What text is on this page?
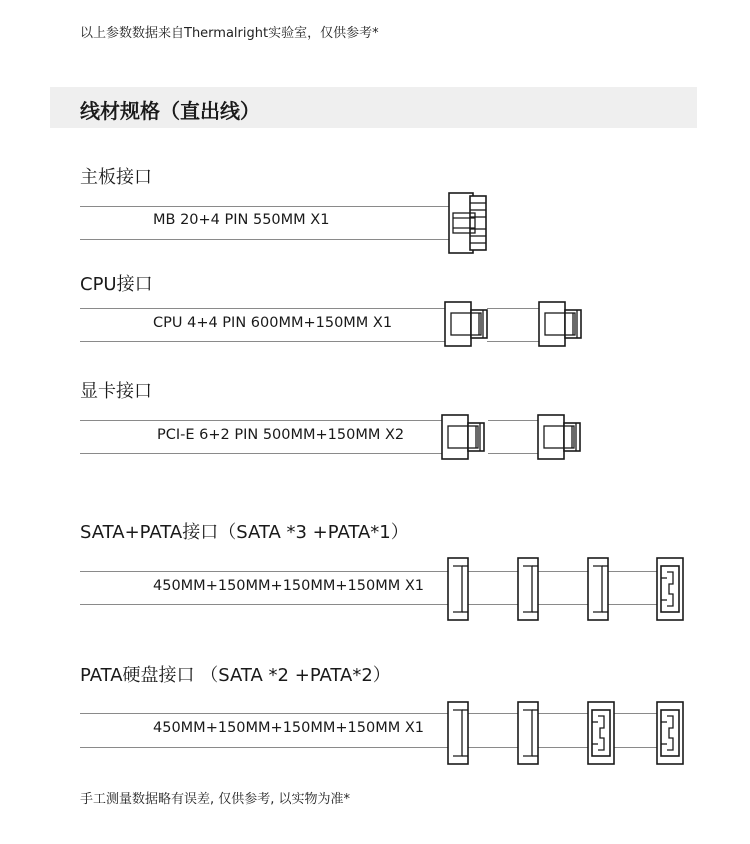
以上参数数据来自Thermalright实验室，仅供参考*
线材规格（直出线）
主板接口
MB 20+4 PIN 550MM X1
CPU接口
CPU 4+4 PIN 600MM+150MM X1
显卡接口
PCI-E 6+2 PIN 500MM+150MM X2
SATA+PATA接口（SATA *3 +PATA*1）
450MM+150MM+150MM+150MM X1
PATA硬盘接口 （SATA *2 +PATA*2）
450MM+150MM+150MM+150MM X1
手工测量数据略有误差, 仅供参考, 以实物为准*
